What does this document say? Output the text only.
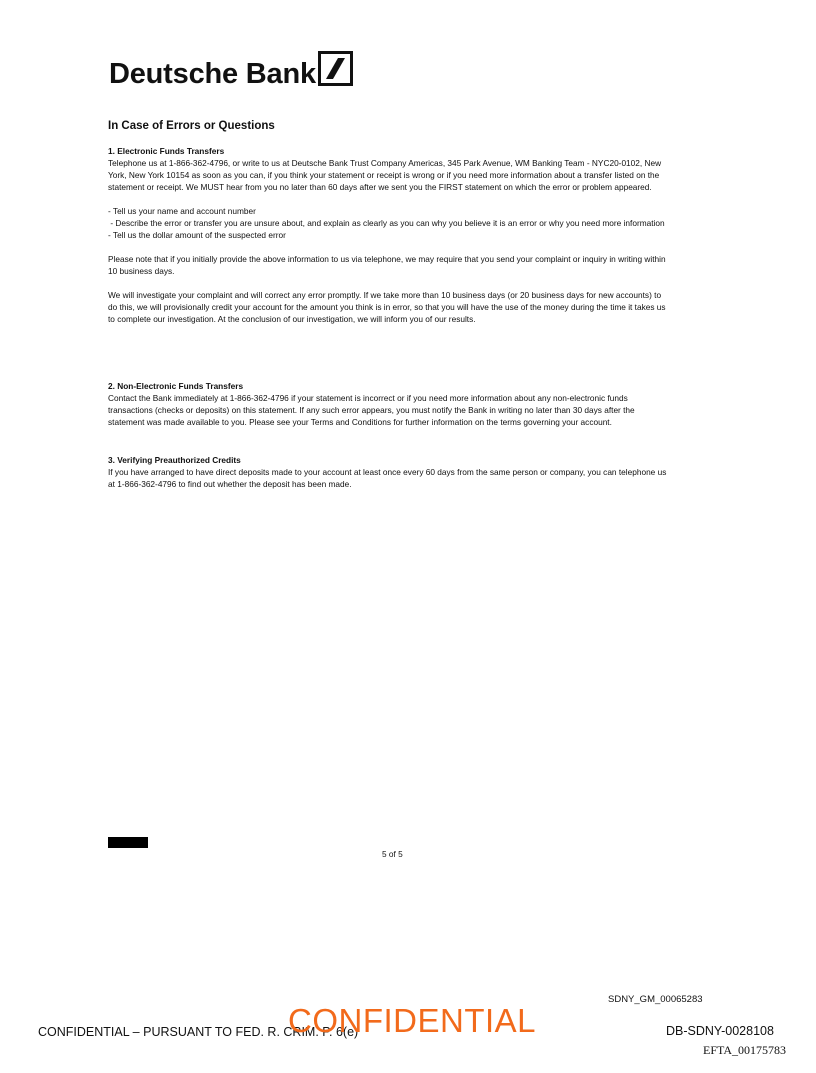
Deutsche Bank
In Case of Errors or Questions
1. Electronic Funds Transfers

Telephone us at 1-866-362-4796, or write to us at Deutsche Bank Trust Company Americas, 345 Park Avenue, WM Banking Team - NYC20-0102, New York, New York 10154 as soon as you can, if you think your statement or receipt is wrong or if you need more information about a transfer listed on the statement or receipt. We MUST hear from you no later than 60 days after we sent you the FIRST statement on which the error or problem appeared.

- Tell us your name and account number

- Describe the error or transfer you are unsure about, and explain as clearly as you can why you believe it is an error or why you need more information

- Tell us the dollar amount of the suspected error

Please note that if you initially provide the above information to us via telephone, we may require that you send your complaint or inquiry in writing within 10 business days.

We will investigate your complaint and will correct any error promptly. If we take more than 10 business days (or 20 business days for new accounts) to do this, we will provisionally credit your account for the amount you think is in error, so that you will have the use of the money during the time it takes us to complete our investigation. At the conclusion of our investigation, we will inform you of our results.

2. Non-Electronic Funds Transfers

Contact the Bank immediately at 1-866-362-4796 if your statement is incorrect or if you need more information about any non-electronic funds transactions (checks or deposits) on this statement. If any such error appears, you must notify the Bank in writing no later than 30 days after the statement was made available to you. Please see your Terms and Conditions for further information on the terms governing your account.

3. Verifying Preauthorized Credits

If you have arranged to have direct deposits made to your account at least once every 60 days from the same person or company, you can telephone us at 1-866-362-4796 to find out whether the deposit has been made.

5 of 5
SDNY_GM_00065283
CONFIDENTIAL – PURSUANT TO FED. R. CRIM. P. 6(e)
CONFIDENTIAL	DB-SDNY-0028108
EFTA_00175783
